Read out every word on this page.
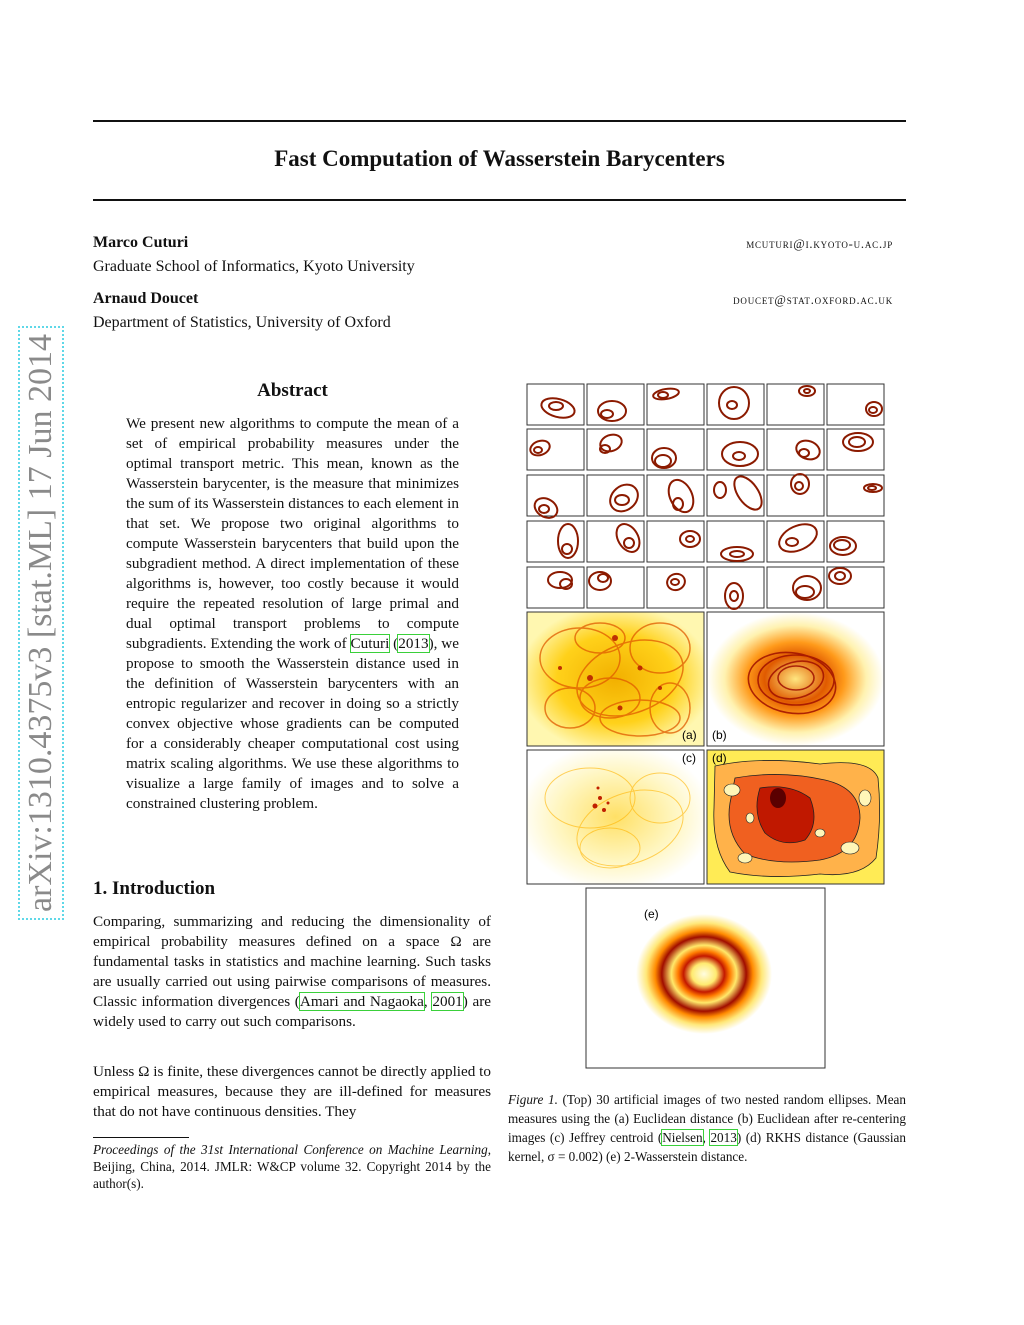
Fast Computation of Wasserstein Barycenters
Marco Cuturi	mcuturi@i.kyoto-u.ac.jp
Graduate School of Informatics, Kyoto University
Arnaud Doucet	doucet@stat.oxford.ac.uk
Department of Statistics, University of Oxford
arXiv:1310.4375v3 [stat.ML] 17 Jun 2014	Abstract
We present new algorithms to compute the mean of a set of empirical probability measures under the optimal transport metric. This mean, known as the Wasserstein barycenter, is the measure that minimizes the sum of its Wasserstein distances to each element in that set. We propose two original algorithms to compute Wasserstein barycenters that build upon the subgradient method. A direct implementation of these algorithms is, however, too costly because it would require the repeated resolution of large primal and dual optimal transport problems to compute subgradients. Extending the work of Cuturi (2013), we propose to smooth the Wasserstein distance used in the definition of Wasserstein barycenters with an entropic regularizer and recover in doing so a strictly convex objective whose gradients can be computed for a considerably cheaper computational cost using matrix scaling algorithms. We use these algorithms to visualize a large family of images and to solve a constrained clustering problem.
1. Introduction
Comparing, summarizing and reducing the dimensionality of empirical probability measures defined on a space Ω are fundamental tasks in statistics and machine learning. Such tasks are usually carried out using pairwise comparisons of measures. Classic information divergences (Amari and Nagaoka, 2001) are widely used to carry out such comparisons.
Unless Ω is finite, these divergences cannot be directly applied to empirical measures, because they are ill-defined for measures that do not have continuous densities. They
Proceedings of the 31st International Conference on Machine Learning, Beijing, China, 2014. JMLR: W&CP volume 32. Copyright 2014 by the author(s).
(a) (b)
(c) (d)
(e)
Figure 1. (Top) 30 artificial images of two nested random ellipses. Mean measures using the (a) Euclidean distance (b) Euclidean after re-centering images (c) Jeffrey centroid (Nielsen, 2013) (d) RKHS distance (Gaussian kernel, σ = 0.002) (e) 2-Wasserstein distance.
